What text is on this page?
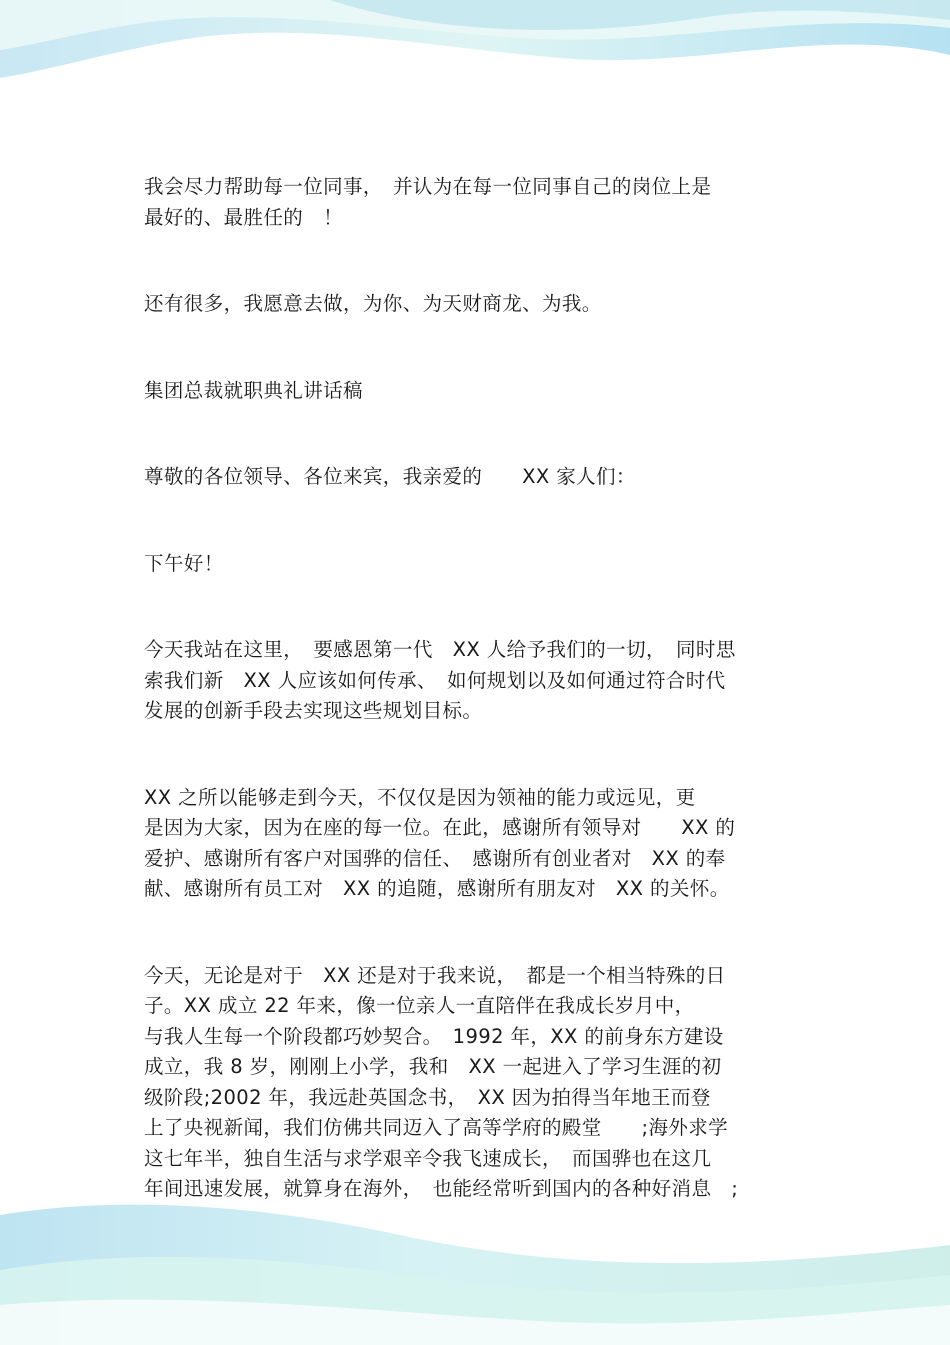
我会尽力帮助每一位同事，　并认为在每一位同事自己的岗位上是
最好的、最胜任的　！

还有很多，我愿意去做，为你、为天财商龙、为我。

集团总裁就职典礼讲话稿

尊敬的各位领导、各位来宾，我亲爱的　　XX 家人们：

下午好！

今天我站在这里，　要感恩第一代　XX 人给予我们的一切，　同时思
索我们新　XX 人应该如何传承、　如何规划以及如何通过符合时代
发展的创新手段去实现这些规划目标。

XX 之所以能够走到今天，不仅仅是因为领袖的能力或远见，更
是因为大家，因为在座的每一位。在此，感谢所有领导对　　XX 的
爱护、感谢所有客户对国骅的信任、　感谢所有创业者对　XX 的奉
献、感谢所有员工对　XX 的追随，感谢所有朋友对　XX 的关怀。

今天，无论是对于　XX 还是对于我来说，　都是一个相当特殊的日
子。XX 成立 22 年来，像一位亲人一直陪伴在我成长岁月中，
与我人生每一个阶段都巧妙契合。　1992 年，XX 的前身东方建设
成立，我 8 岁，刚刚上小学，我和　XX 一起进入了学习生涯的初
级阶段;2002 年，我远赴英国念书，　XX 因为拍得当年地王而登
上了央视新闻，我们仿佛共同迈入了高等学府的殿堂　　;海外求学
这七年半，独自生活与求学艰辛令我飞速成长，　而国骅也在这几
年间迅速发展，就算身在海外，　也能经常听到国内的各种好消息　;
